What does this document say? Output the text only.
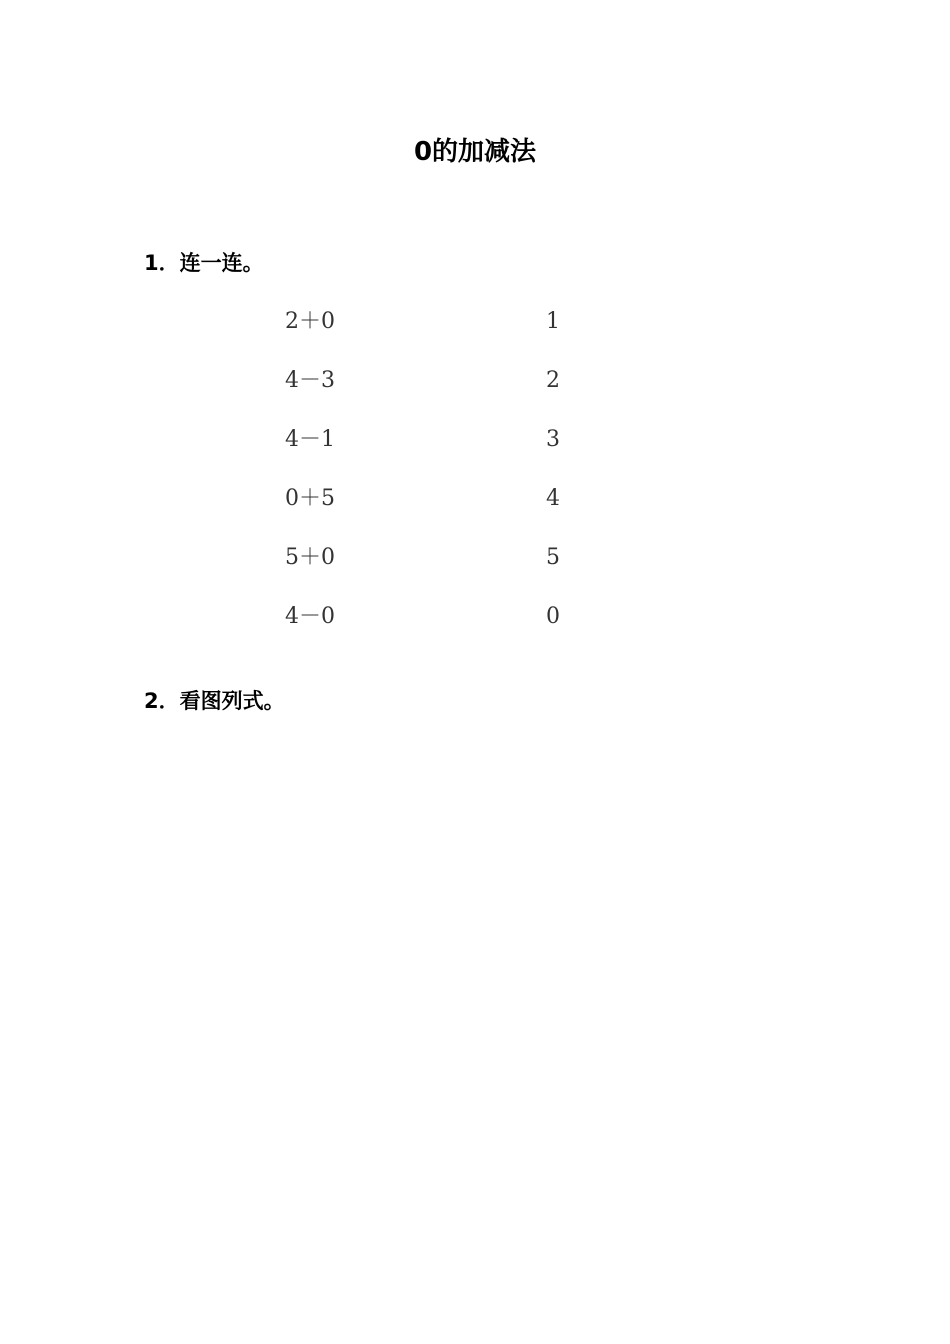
0的加减法
1．连一连。
2＋0	1
4－3	2
4－1	3
0＋5	4
5＋0	5
4－0	0
2．看图列式。
